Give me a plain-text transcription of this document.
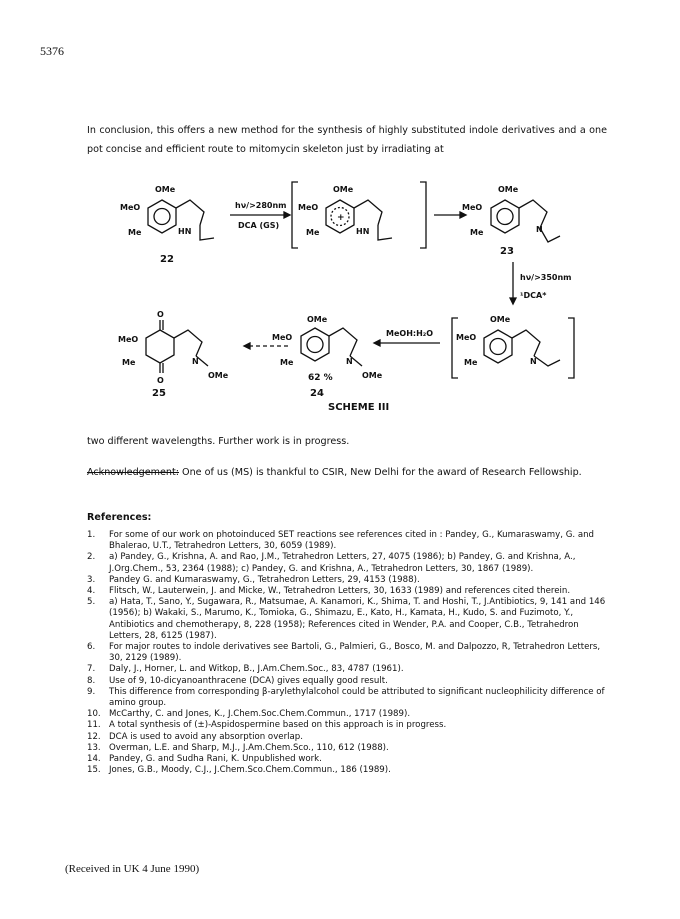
5376
In conclusion, this offers a new method for the synthesis of highly substituted indole derivatives and a one pot concise and efficient route to mitomycin skeleton just by irradiating at
OMe
MeO
Me	HN
22
hν/>280nm
DCA (GS)
OMe
MeO
Me	HN
+
OMe
MeO
Me	N
23
hν/>350nm
¹DCA*
OMe
MeO
Me	N
MeOH:H₂O
OMe
MeO
Me	N
OMe
62 %
24
O
O
MeO
Me	N
OMe
25
SCHEME III
two different wavelengths. Further work is in progress.
Acknowledgement: One of us (MS) is thankful to CSIR, New Delhi for the award of Research Fellowship.
References:
1.	For some of our work on photoinduced SET reactions see references cited in : Pandey, G., Kumaraswamy, G. and Bhalerao, U.T., Tetrahedron Letters, 30, 6059 (1989).
2.	a) Pandey, G., Krishna, A. and Rao, J.M., Tetrahedron Letters, 27, 4075 (1986); b) Pandey, G. and Krishna, A., J.Org.Chem., 53, 2364 (1988); c) Pandey, G. and Krishna, A., Tetrahedron Letters, 30, 1867 (1989).
3.	Pandey G. and Kumaraswamy, G., Tetrahedron Letters, 29, 4153 (1988).
4.	Flitsch, W., Lauterwein, J. and Micke, W., Tetrahedron Letters, 30, 1633 (1989) and references cited therein.
5.	a) Hata, T., Sano, Y., Sugawara, R., Matsumae, A. Kanamori, K., Shima, T. and Hoshi, T., J.Antibiotics, 9, 141 and 146 (1956); b) Wakaki, S., Marumo, K., Tomioka, G., Shimazu, E., Kato, H., Kamata, H., Kudo, S. and Fuzimoto, Y., Antibiotics and chemotherapy, 8, 228 (1958); References cited in Wender, P.A. and Cooper, C.B., Tetrahedron Letters, 28, 6125 (1987).
6.	For major routes to indole derivatives see Bartoli, G., Palmieri, G., Bosco, M. and Dalpozzo, R, Tetrahedron Letters, 30, 2129 (1989).
7.	Daly, J., Horner, L. and Witkop, B., J.Am.Chem.Soc., 83, 4787 (1961).
8.	Use of 9, 10-dicyanoanthracene (DCA) gives equally good result.
9.	This difference from corresponding β-arylethylalcohol could be attributed to significant nucleophilicity difference of amino group.
10. McCarthy, C. and Jones, K., J.Chem.Soc.Chem.Commun., 1717 (1989).
11. A total synthesis of (±)-Aspidospermine based on this approach is in progress.
12. DCA is used to avoid any absorption overlap.
13. Overman, L.E. and Sharp, M.J., J.Am.Chem.Sco., 110, 612 (1988).
14. Pandey, G. and Sudha Rani, K. Unpublished work.
15. Jones, G.B., Moody, C.J., J.Chem.Sco.Chem.Commun., 186 (1989).
(Received in UK 4 June 1990)
